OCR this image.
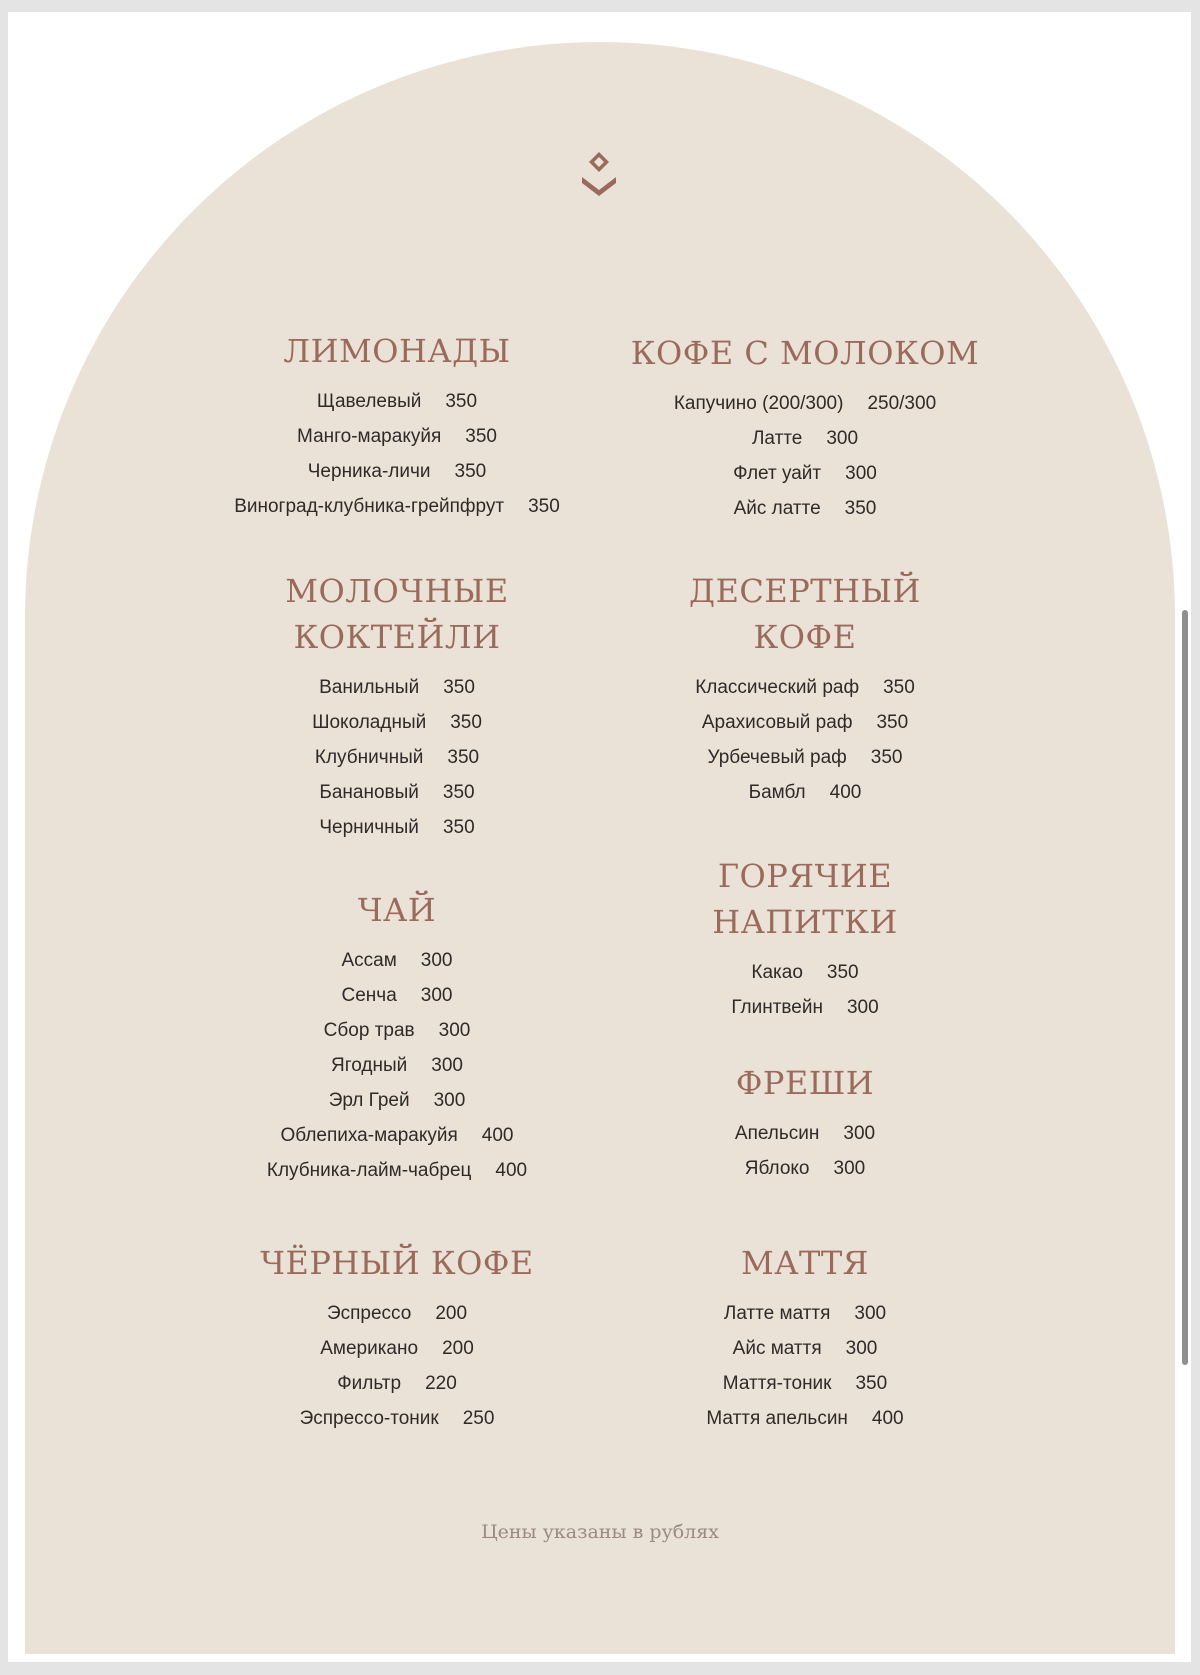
ЛИМОНАДЫ
Щавелевый 350
Манго-маракуйя 350
Черника-личи 350
Виноград-клубника-грейпфрут 350
МОЛОЧНЫЕ
КОКТЕЙЛИ
Ванильный 350
Шоколадный 350
Клубничный 350
Банановый 350
Черничный 350
ЧАЙ
Ассам 300
Сенча 300
Сбор трав 300
Ягодный 300
Эрл Грей 300
Облепиха-маракуйя 400
Клубника-лайм-чабрец 400
ЧЁРНЫЙ КОФЕ
Эспрессо 200
Американо 200
Фильтр 220
Эспрессо-тоник 250
КОФЕ С МОЛОКОМ
Капучино (200/300) 250/300
Латте 300
Флет уайт 300
Айс латте 350
ДЕСЕРТНЫЙ
КОФЕ
Классический раф 350
Арахисовый раф 350
Урбечевый раф 350
Бамбл 400
ГОРЯЧИЕ
НАПИТКИ
Какао 350
Глинтвейн 300
ФРЕШИ
Апельсин 300
Яблоко 300
МАТТЯ
Латте маття 300
Айс маття 300
Маття-тоник 350
Маття апельсин 400
Цены указаны в рублях
